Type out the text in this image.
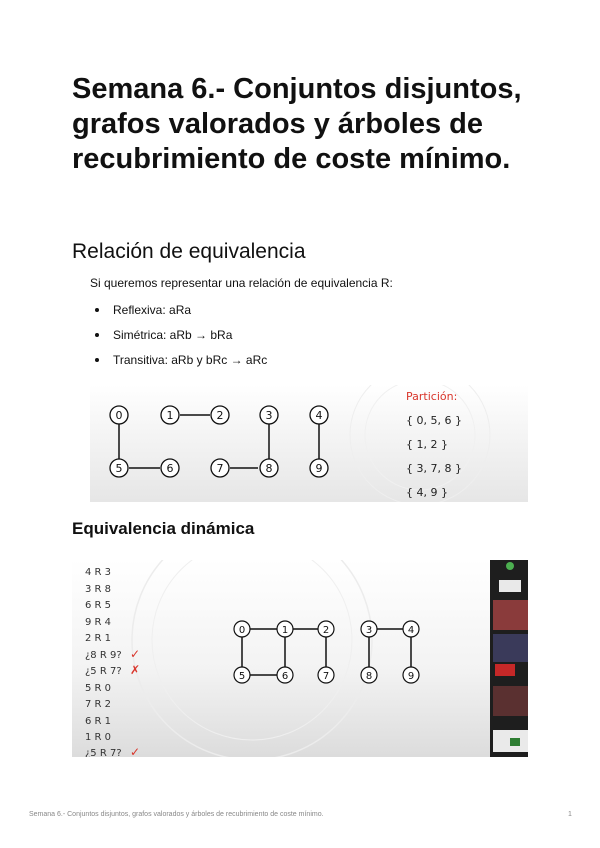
Semana 6.- Conjuntos disjuntos, grafos valorados y árboles de recubrimiento de coste mínimo.
Relación de equivalencia

Si queremos representar una relación de equivalencia R:

Reflexiva: aRa
Simétrica: aRb → bRa
Transitiva: aRb y bRc → aRc
0	1	2	3	4
5	6	7	8	9
Partición:
{ 0, 5, 6 }
{ 1, 2 }
{ 3, 7, 8 }
{ 4, 9 }
Equivalencia dinámica
4 R 3
3 R 8
6 R 5
9 R 4
2 R 1
¿8 R 9?
¿5 R 7?
5 R 0
7 R 2
6 R 1
1 R 0
¿5 R 7?
✓
✗
✓
0	1	2	3	4
5	6	7	8	9
Semana 6.- Conjuntos disjuntos, grafos valorados y árboles de recubrimiento de coste mínimo.	1
